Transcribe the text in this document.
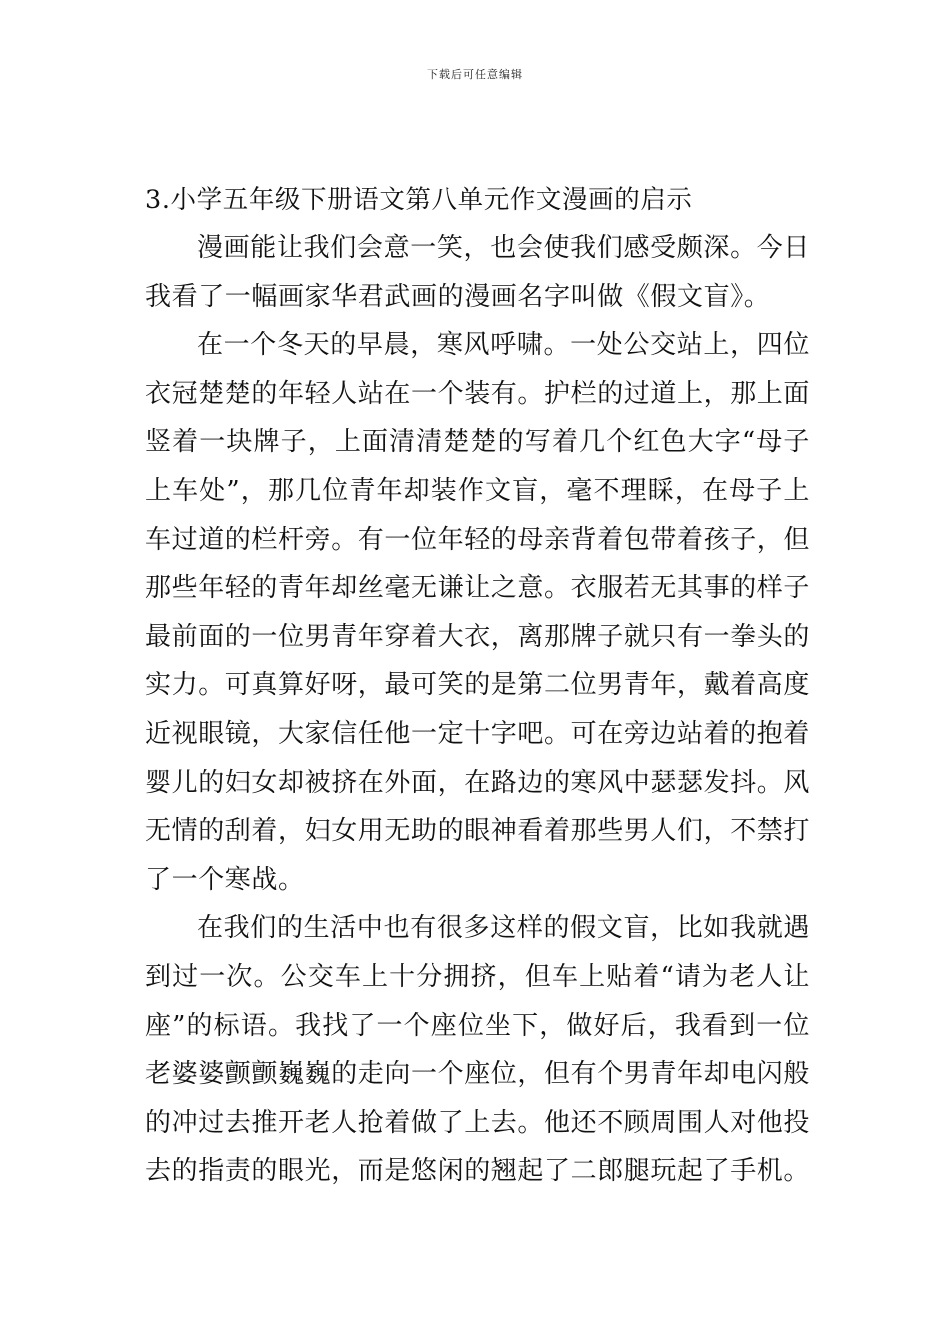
下载后可任意编辑
3.小学五年级下册语文第八单元作文漫画的启示

漫画能让我们会意一笑，也会使我们感受颇深。今日我看了一幅画家华君武画的漫画名字叫做《假文盲》。

在一个冬天的早晨，寒风呼啸。一处公交站上，四位衣冠楚楚的年轻人站在一个装有。护栏的过道上，那上面竖着一块牌子，上面清清楚楚的写着几个红色大字“母子上车处”，那几位青年却装作文盲，毫不理睬，在母子上车过道的栏杆旁。有一位年轻的母亲背着包带着孩子，但那些年轻的青年却丝毫无谦让之意。衣服若无其事的样子最前面的一位男青年穿着大衣，离那牌子就只有一拳头的实力。可真算好呀，最可笑的是第二位男青年，戴着高度近视眼镜，大家信任他一定十字吧。可在旁边站着的抱着婴儿的妇女却被挤在外面，在路边的寒风中瑟瑟发抖。风无情的刮着，妇女用无助的眼神看着那些男人们，不禁打了一个寒战。

在我们的生活中也有很多这样的假文盲，比如我就遇到过一次。公交车上十分拥挤，但车上贴着“请为老人让座”的标语。我找了一个座位坐下，做好后，我看到一位老婆婆颤颤巍巍的走向一个座位，但有个男青年却电闪般的冲过去推开老人抢着做了上去。他还不顾周围人对他投去的指责的眼光，而是悠闲的翘起了二郎腿玩起了手机。
